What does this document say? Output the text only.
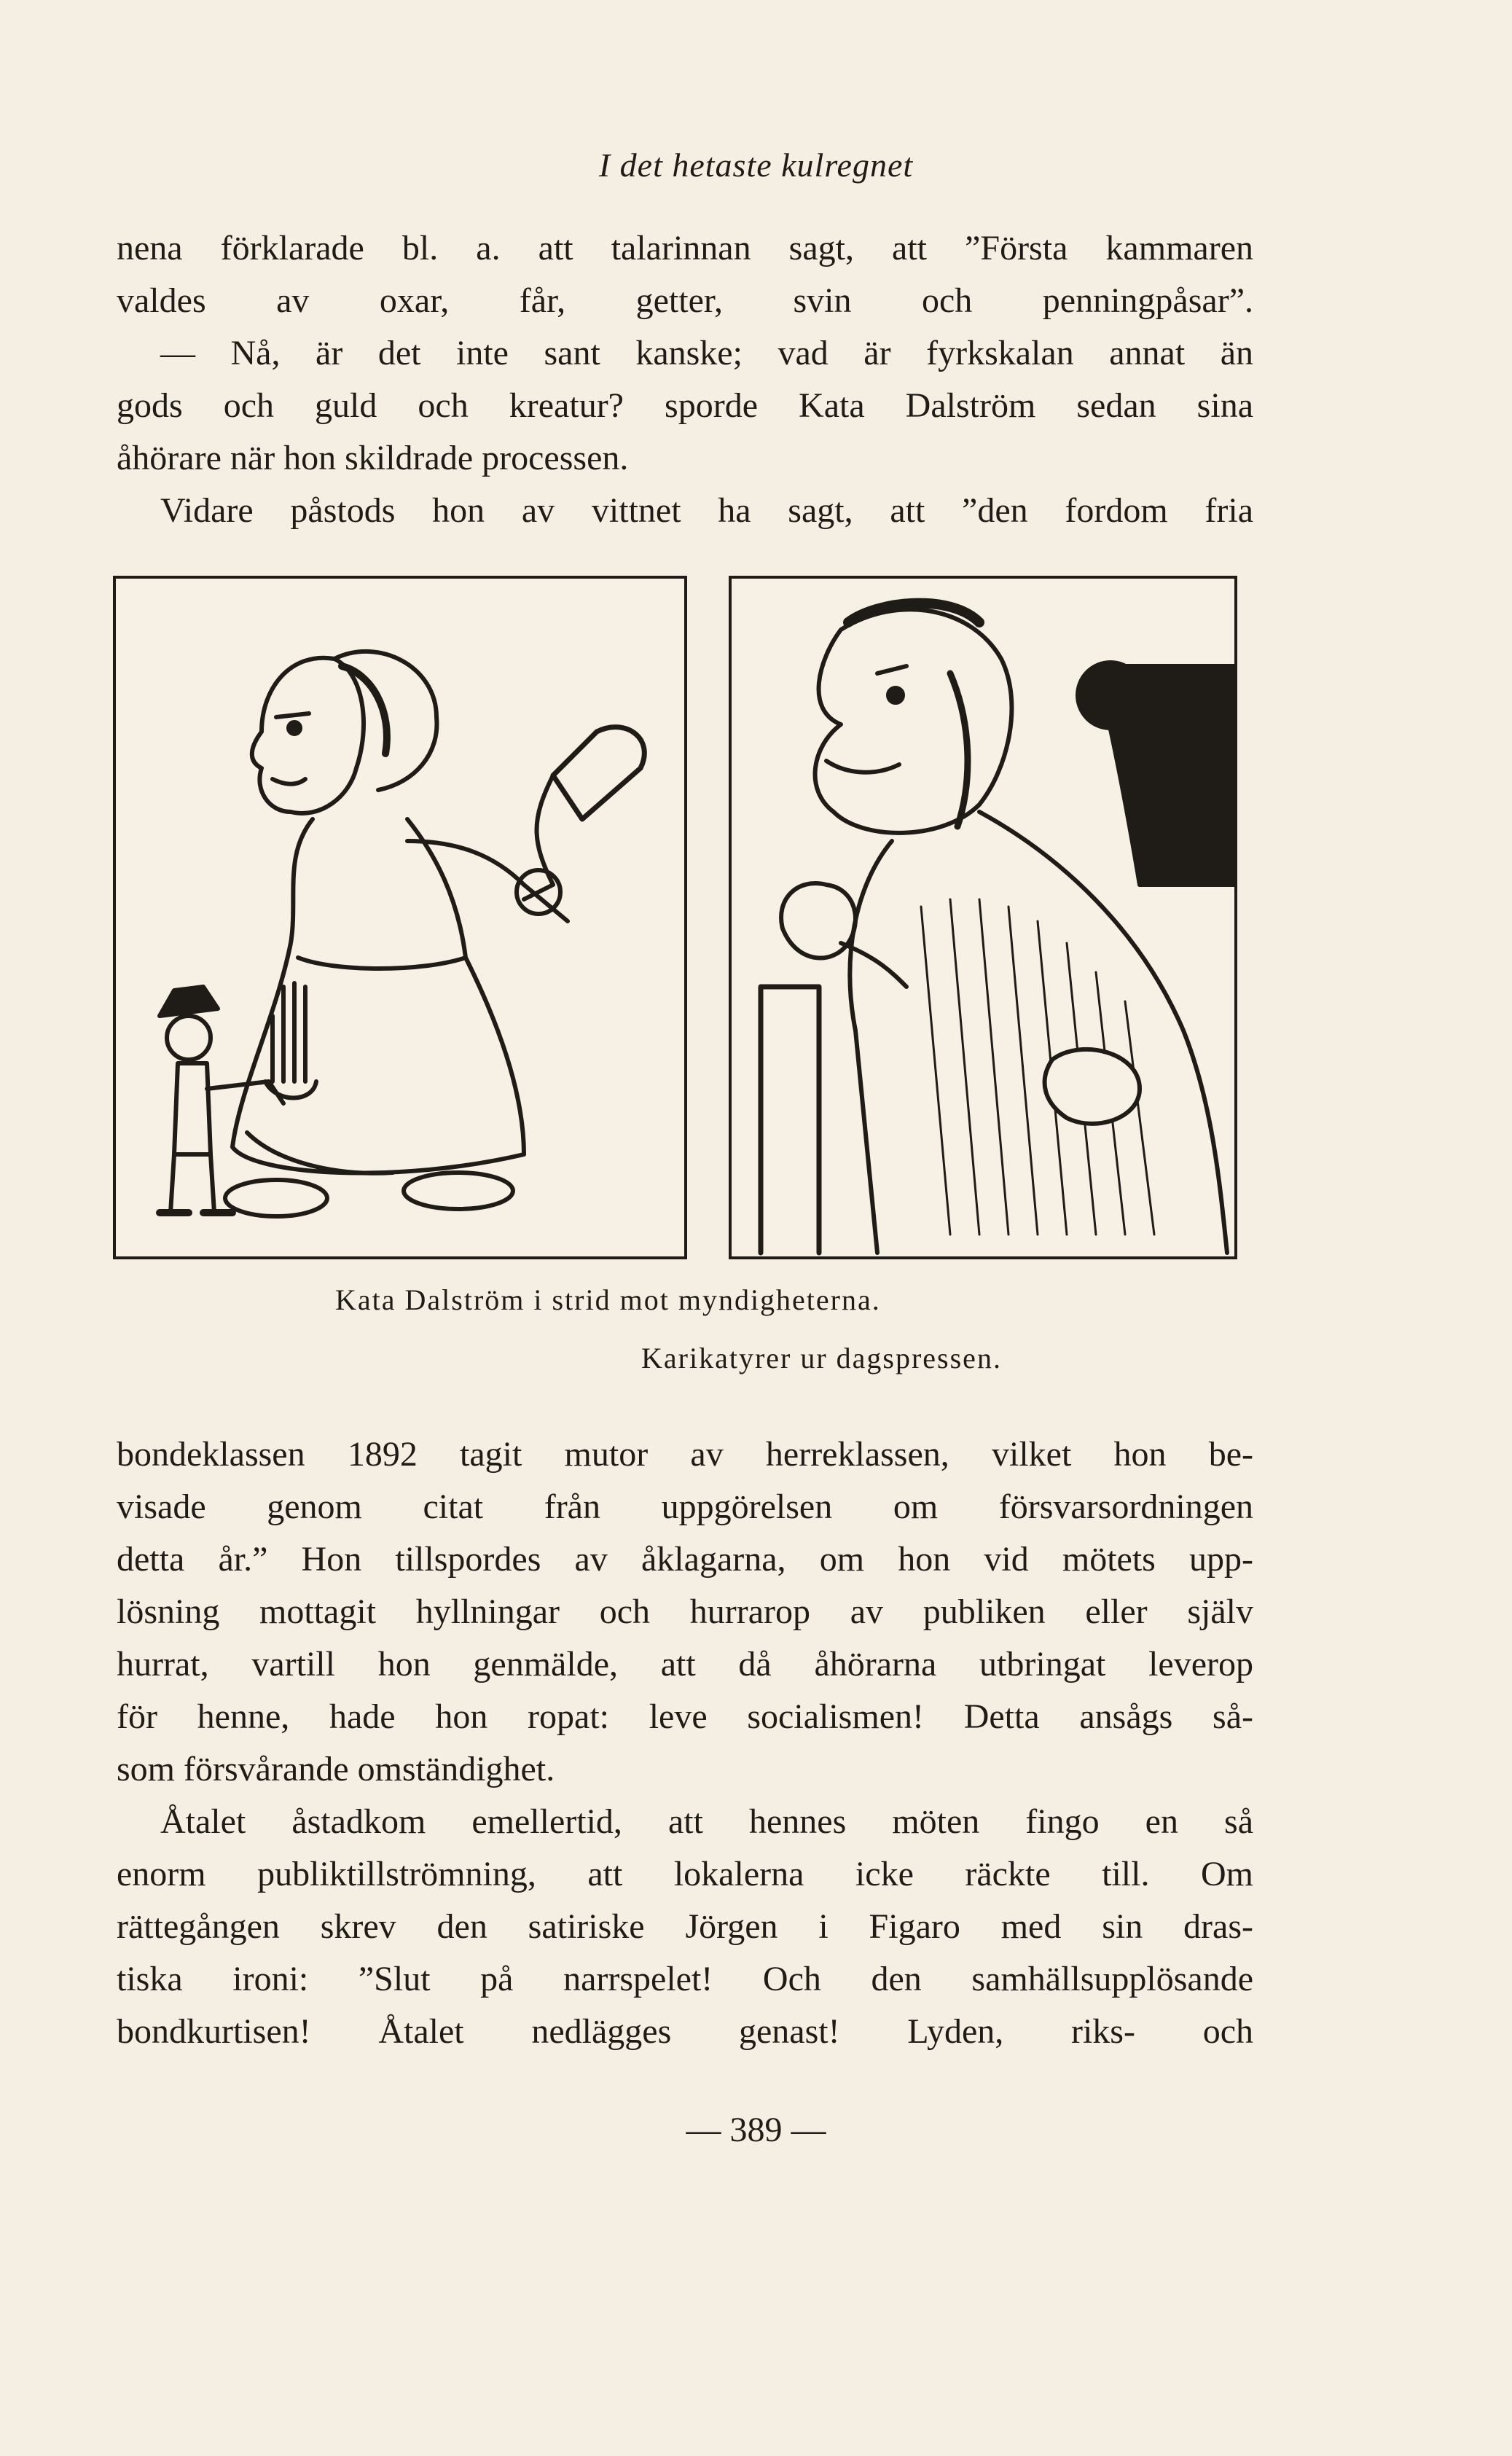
I det hetaste kulregnet
nena förklarade bl. a. att talarinnan sagt, att ”Första kammaren
valdes av oxar, får, getter, svin och penningpåsar”.
— Nå, är det inte sant kanske; vad är fyrkskalan annat än
gods och guld och kreatur? sporde Kata Dalström sedan sina
åhörare när hon skildrade processen.
Vidare påstods hon av vittnet ha sagt, att ”den fordom fria
Kata Dalström i strid mot myndigheterna.
Karikatyrer ur dagspressen.
bondeklassen 1892 tagit mutor av herreklassen, vilket hon be-
visade genom citat från uppgörelsen om försvarsordningen
detta år.” Hon tillspordes av åklagarna, om hon vid mötets upp-
lösning mottagit hyllningar och hurrarop av publiken eller själv
hurrat, vartill hon genmälde, att då åhörarna utbringat leverop
för henne, hade hon ropat: leve socialismen! Detta ansågs så-
som försvårande omständighet.
Åtalet åstadkom emellertid, att hennes möten fingo en så
enorm publiktillströmning, att lokalerna icke räckte till. Om
rättegången skrev den satiriske Jörgen i Figaro med sin dras-
tiska ironi: ”Slut på narrspelet! Och den samhällsupplösande
bondkurtisen! Åtalet nedlägges genast! Lyden, riks- och
— 389 —
